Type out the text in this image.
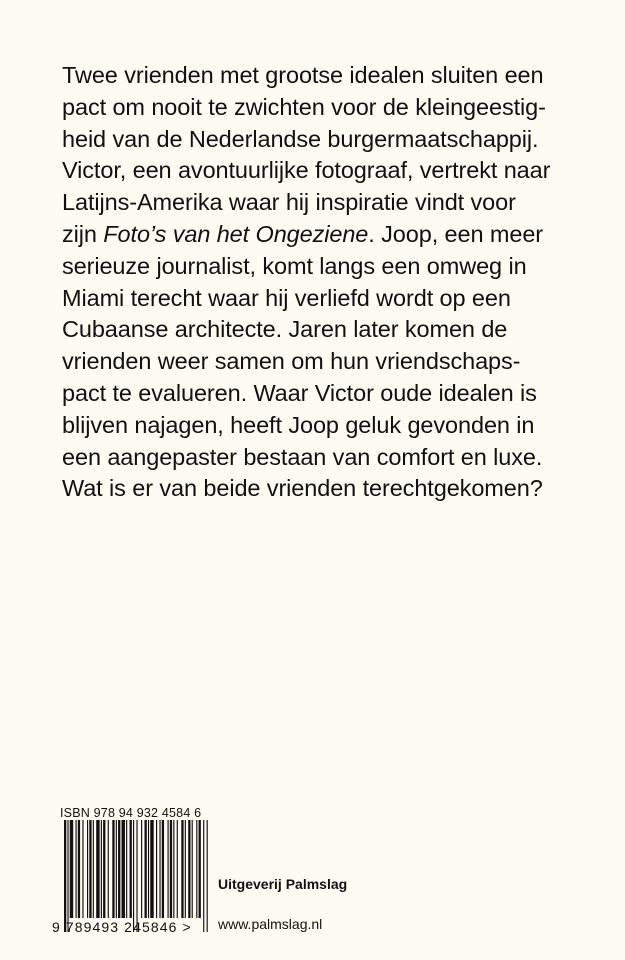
Twee vrienden met grootse idealen sluiten een
pact om nooit te zwichten voor de kleingeestig-
heid van de Nederlandse burgermaatschappij.
Victor, een avontuurlijke fotograaf, vertrekt naar
Latijns-Amerika waar hij inspiratie vindt voor
zijn Foto’s van het Ongeziene. Joop, een meer
serieuze journalist, komt langs een omweg in
Miami terecht waar hij verliefd wordt op een
Cubaanse architecte. Jaren later komen de
vrienden weer samen om hun vriendschaps-
pact te evalueren. Waar Victor oude idealen is
blijven najagen, heeft Joop geluk gevonden in
een aangepaster bestaan van comfort en luxe.
Wat is er van beide vrienden terechtgekomen?
ISBN 978 94 932 4584 6
9 789493 245846 >
Uitgeverij Palmslag
www.palmslag.nl
